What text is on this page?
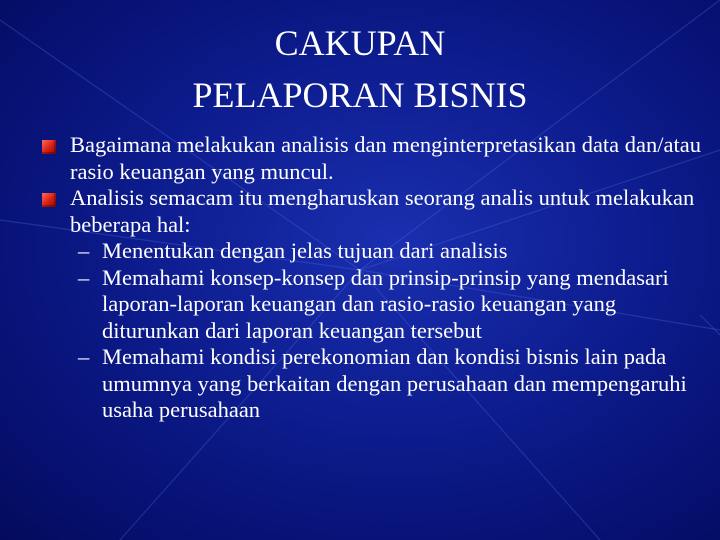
CAKUPAN
PELAPORAN BISNIS
Bagaimana melakukan analisis dan menginterpretasikan data dan/atau rasio keuangan yang muncul.
Analisis semacam itu mengharuskan seorang analis untuk melakukan beberapa hal:
– Menentukan dengan jelas tujuan dari analisis
– Memahami konsep‑konsep dan prinsip‑prinsip yang mendasari laporan‑laporan keuangan dan rasio‑rasio keuangan yang diturunkan dari laporan keuangan tersebut
– Memahami kondisi perekonomian dan kondisi bisnis lain pada umumnya yang berkaitan dengan perusahaan dan mempengaruhi usaha perusahaan
